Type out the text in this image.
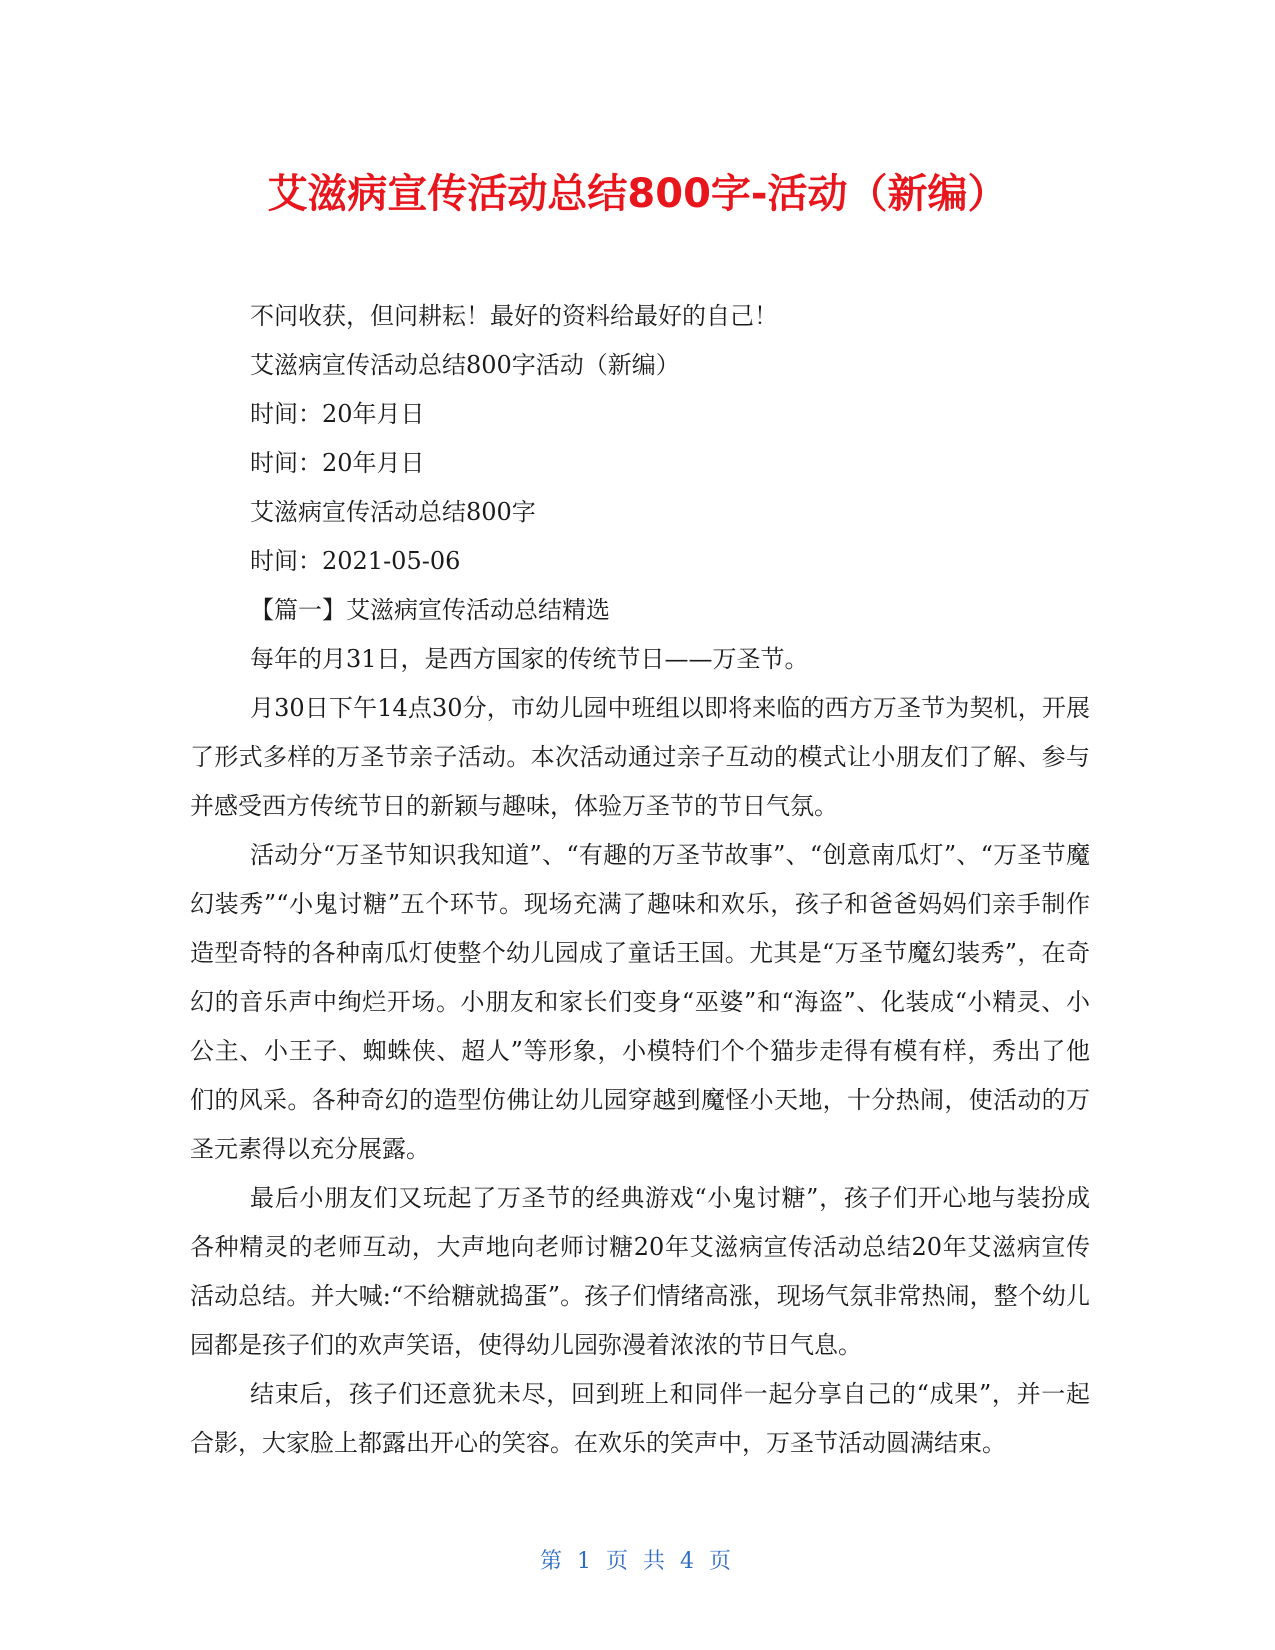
艾滋病宣传活动总结800字-活动（新编）

不问收获，但问耕耘！最好的资料给最好的自己！

艾滋病宣传活动总结800字活动（新编）

时间：20年月日

时间：20年月日

艾滋病宣传活动总结800字

时间：2021-05-06

【篇一】艾滋病宣传活动总结精选

每年的月31日，是西方国家的传统节日——万圣节。

月30日下午14点30分，市幼儿园中班组以即将来临的西方万圣节为契机，开展了形式多样的万圣节亲子活动。本次活动通过亲子互动的模式让小朋友们了解、参与并感受西方传统节日的新颖与趣味，体验万圣节的节日气氛。

活动分“万圣节知识我知道”、“有趣的万圣节故事”、“创意南瓜灯”、“万圣节魔幻装秀”“小鬼讨糖”五个环节。现场充满了趣味和欢乐，孩子和爸爸妈妈们亲手制作造型奇特的各种南瓜灯使整个幼儿园成了童话王国。尤其是“万圣节魔幻装秀”，在奇幻的音乐声中绚烂开场。小朋友和家长们变身“巫婆”和“海盗”、化装成“小精灵、小公主、小王子、蜘蛛侠、超人”等形象，小模特们个个猫步走得有模有样，秀出了他们的风采。各种奇幻的造型仿佛让幼儿园穿越到魔怪小天地，十分热闹，使活动的万圣元素得以充分展露。

最后小朋友们又玩起了万圣节的经典游戏“小鬼讨糖”，孩子们开心地与装扮成各种精灵的老师互动，大声地向老师讨糖20年艾滋病宣传活动总结20年艾滋病宣传活动总结。并大喊:“不给糖就捣蛋”。孩子们情绪高涨，现场气氛非常热闹，整个幼儿园都是孩子们的欢声笑语，使得幼儿园弥漫着浓浓的节日气息。

结束后，孩子们还意犹未尽，回到班上和同伴一起分享自己的“成果”，并一起合影，大家脸上都露出开心的笑容。在欢乐的笑声中，万圣节活动圆满结束。

第 1 页 共 4 页
